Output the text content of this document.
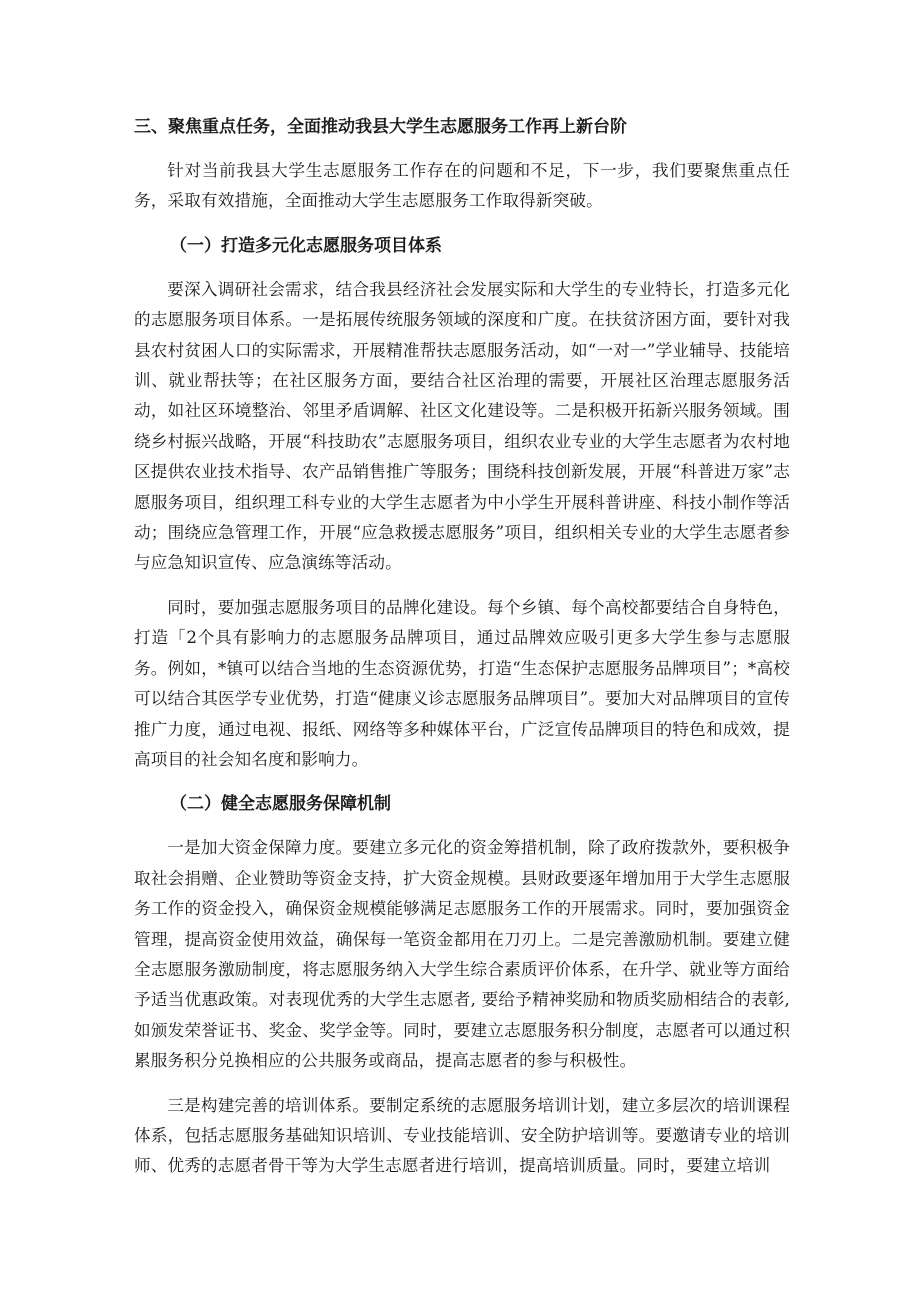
三、聚焦重点任务，全面推动我县大学生志愿服务工作再上新台阶

针对当前我县大学生志愿服务工作存在的问题和不足，下一步，我们要聚焦重点任务，采取有效措施，全面推动大学生志愿服务工作取得新突破。

（一）打造多元化志愿服务项目体系

要深入调研社会需求，结合我县经济社会发展实际和大学生的专业特长，打造多元化的志愿服务项目体系。一是拓展传统服务领域的深度和广度。在扶贫济困方面，要针对我县农村贫困人口的实际需求，开展精准帮扶志愿服务活动，如“一对一”学业辅导、技能培训、就业帮扶等；在社区服务方面，要结合社区治理的需要，开展社区治理志愿服务活动，如社区环境整治、邻里矛盾调解、社区文化建设等。二是积极开拓新兴服务领域。围绕乡村振兴战略，开展“科技助农”志愿服务项目，组织农业专业的大学生志愿者为农村地区提供农业技术指导、农产品销售推广等服务；围绕科技创新发展，开展“科普进万家”志愿服务项目，组织理工科专业的大学生志愿者为中小学生开展科普讲座、科技小制作等活动；围绕应急管理工作，开展“应急救援志愿服务”项目，组织相关专业的大学生志愿者参与应急知识宣传、应急演练等活动。

同时，要加强志愿服务项目的品牌化建设。每个乡镇、每个高校都要结合自身特色，打造「2个具有影响力的志愿服务品牌项目，通过品牌效应吸引更多大学生参与志愿服务。例如，*镇可以结合当地的生态资源优势，打造“生态保护志愿服务品牌项目”；*高校可以结合其医学专业优势，打造“健康义诊志愿服务品牌项目”。要加大对品牌项目的宣传推广力度，通过电视、报纸、网络等多种媒体平台，广泛宣传品牌项目的特色和成效，提高项目的社会知名度和影响力。

（二）健全志愿服务保障机制

一是加大资金保障力度。要建立多元化的资金筹措机制，除了政府拨款外，要积极争取社会捐赠、企业赞助等资金支持，扩大资金规模。县财政要逐年增加用于大学生志愿服务工作的资金投入，确保资金规模能够满足志愿服务工作的开展需求。同时，要加强资金管理，提高资金使用效益，确保每一笔资金都用在刀刃上。二是完善激励机制。要建立健全志愿服务激励制度，将志愿服务纳入大学生综合素质评价体系，在升学、就业等方面给予适当优惠政策。对表现优秀的大学生志愿者, 要给予精神奖励和物质奖励相结合的表彰, 如颁发荣誉证书、奖金、奖学金等。同时，要建立志愿服务积分制度，志愿者可以通过积累服务积分兑换相应的公共服务或商品，提高志愿者的参与积极性。

三是构建完善的培训体系。要制定系统的志愿服务培训计划，建立多层次的培训课程体系，包括志愿服务基础知识培训、专业技能培训、安全防护培训等。要邀请专业的培训师、优秀的志愿者骨干等为大学生志愿者进行培训，提高培训质量。同时，要建立培训
